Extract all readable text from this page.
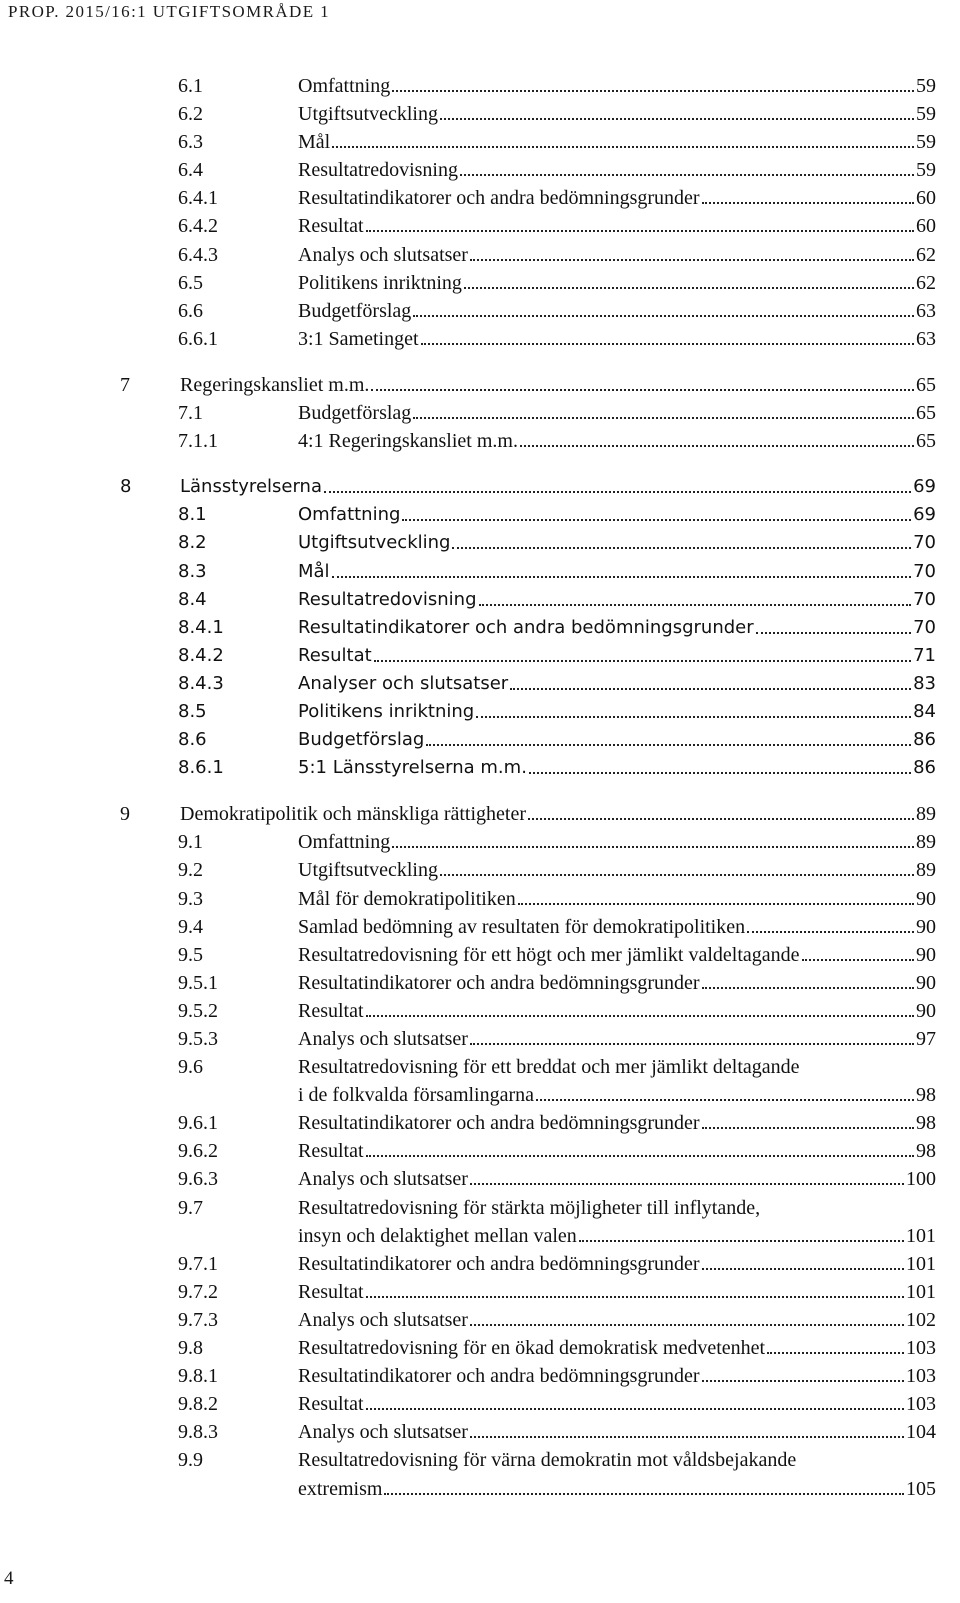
PROP. 2015/16:1 UTGIFTSOMRÅDE 1
6.1	Omfattning	59
6.2	Utgiftsutveckling	59
6.3	Mål	59
6.4	Resultatredovisning	59
6.4.1	Resultatindikatorer och andra bedömningsgrunder	60
6.4.2	Resultat	60
6.4.3	Analys och slutsatser	62
6.5	Politikens inriktning	62
6.6	Budgetförslag	63
6.6.1	3:1 Sametinget	63
7	Regeringskansliet m.m.	65
7.1	Budgetförslag	65
7.1.1	4:1 Regeringskansliet m.m.	65
8	Länsstyrelserna	69
8.1	Omfattning	69
8.2	Utgiftsutveckling	70
8.3	Mål	70
8.4	Resultatredovisning	70
8.4.1	Resultatindikatorer och andra bedömningsgrunder	70
8.4.2	Resultat	71
8.4.3	Analyser och slutsatser	83
8.5	Politikens inriktning	84
8.6	Budgetförslag	86
8.6.1	5:1 Länsstyrelserna m.m.	86
9	Demokratipolitik och mänskliga rättigheter	89
9.1	Omfattning	89
9.2	Utgiftsutveckling	89
9.3	Mål för demokratipolitiken	90
9.4	Samlad bedömning av resultaten för demokratipolitiken	90
9.5	Resultatredovisning för ett högt och mer jämlikt valdeltagande	90
9.5.1	Resultatindikatorer och andra bedömningsgrunder	90
9.5.2	Resultat	90
9.5.3	Analys och slutsatser	97
9.6	Resultatredovisning för ett breddat och mer jämlikt deltagande
i de folkvalda församlingarna	98
9.6.1	Resultatindikatorer och andra bedömningsgrunder	98
9.6.2	Resultat	98
9.6.3	Analys och slutsatser	100
9.7	Resultatredovisning för stärkta möjligheter till inflytande,
insyn och delaktighet mellan valen	101
9.7.1	Resultatindikatorer och andra bedömningsgrunder	101
9.7.2	Resultat	101
9.7.3	Analys och slutsatser	102
9.8	Resultatredovisning för en ökad demokratisk medvetenhet	103
9.8.1	Resultatindikatorer och andra bedömningsgrunder	103
9.8.2	Resultat	103
9.8.3	Analys och slutsatser	104
9.9	Resultatredovisning för värna demokratin mot våldsbejakande
extremism	105
4
